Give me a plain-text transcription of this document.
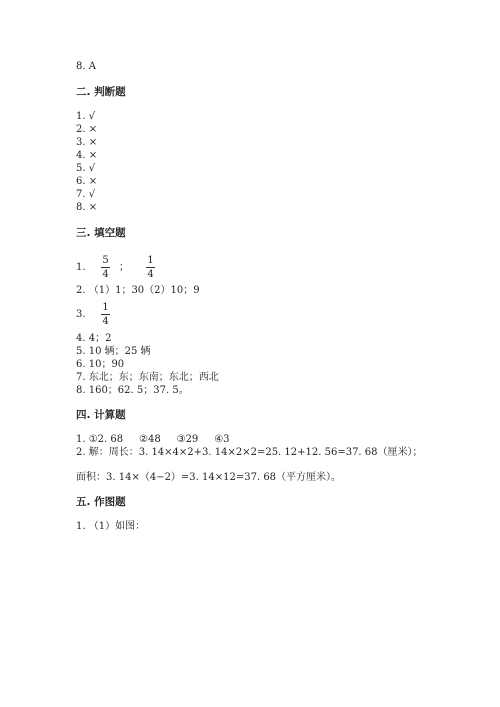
8. A
二. 判断题
1. √
2. ×
3. ×
4. ×
5. √
6. ×
7. √
8. ×
三. 填空题
1.
5
4
；
1
4
2. （1）1；30（2）10；9
3.
1
4
4. 4；2
5. 10 辆；25 辆
6. 10；90
7. 东北；东；东南；东北；西北
8. 160；62. 5；37. 5。
四. 计算题
1. ①2. 68     ②48     ③29     ④3
2. 解：周长：3. 14×4×2+3. 14×2×2=25. 12+12. 56=37. 68（厘米）；
面积：3. 14×（4−2）=3. 14×12=37. 68（平方厘米）。
五. 作图题
1. （1）如图：
